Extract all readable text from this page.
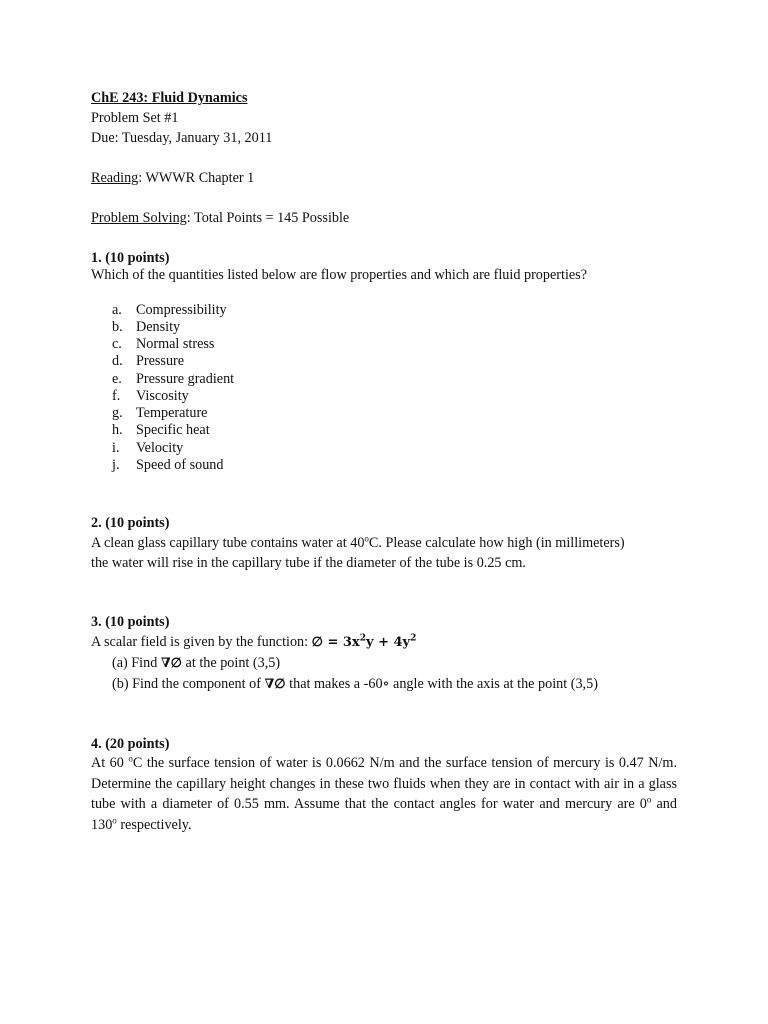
ChE 243: Fluid Dynamics
Problem Set #1
Due: Tuesday, January 31, 2011
Reading: WWWR Chapter 1
Problem Solving: Total Points = 145 Possible
1. (10 points)
Which of the quantities listed below are flow properties and which are fluid properties?
a. Compressibility
b. Density
c. Normal stress
d. Pressure
e. Pressure gradient
f. Viscosity
g. Temperature
h. Specific heat
i. Velocity
j. Speed of sound
2. (10 points)
A clean glass capillary tube contains water at 40$^o$C. Please calculate how high (in millimeters)
the water will rise in the capillary tube if the diameter of the tube is 0.25 cm.
3. (10 points)
A scalar field is given by the function: ∅ = $3x^2y + 4y^2$
(a) Find ∇∅ at the point (3,5)
(b) Find the component of ∇∅ that makes a -60∘ angle with the axis at the point (3,5)
4. (20 points)
At 60 $^o$C the surface tension of water is 0.0662 N/m and the surface tension of mercury is 0.47 N/m. Determine the capillary height changes in these two fluids when they are in contact with air in a glass tube with a diameter of 0.55 mm. Assume that the contact angles for water and mercury are 0$^o$ and 130$^o$ respectively.
